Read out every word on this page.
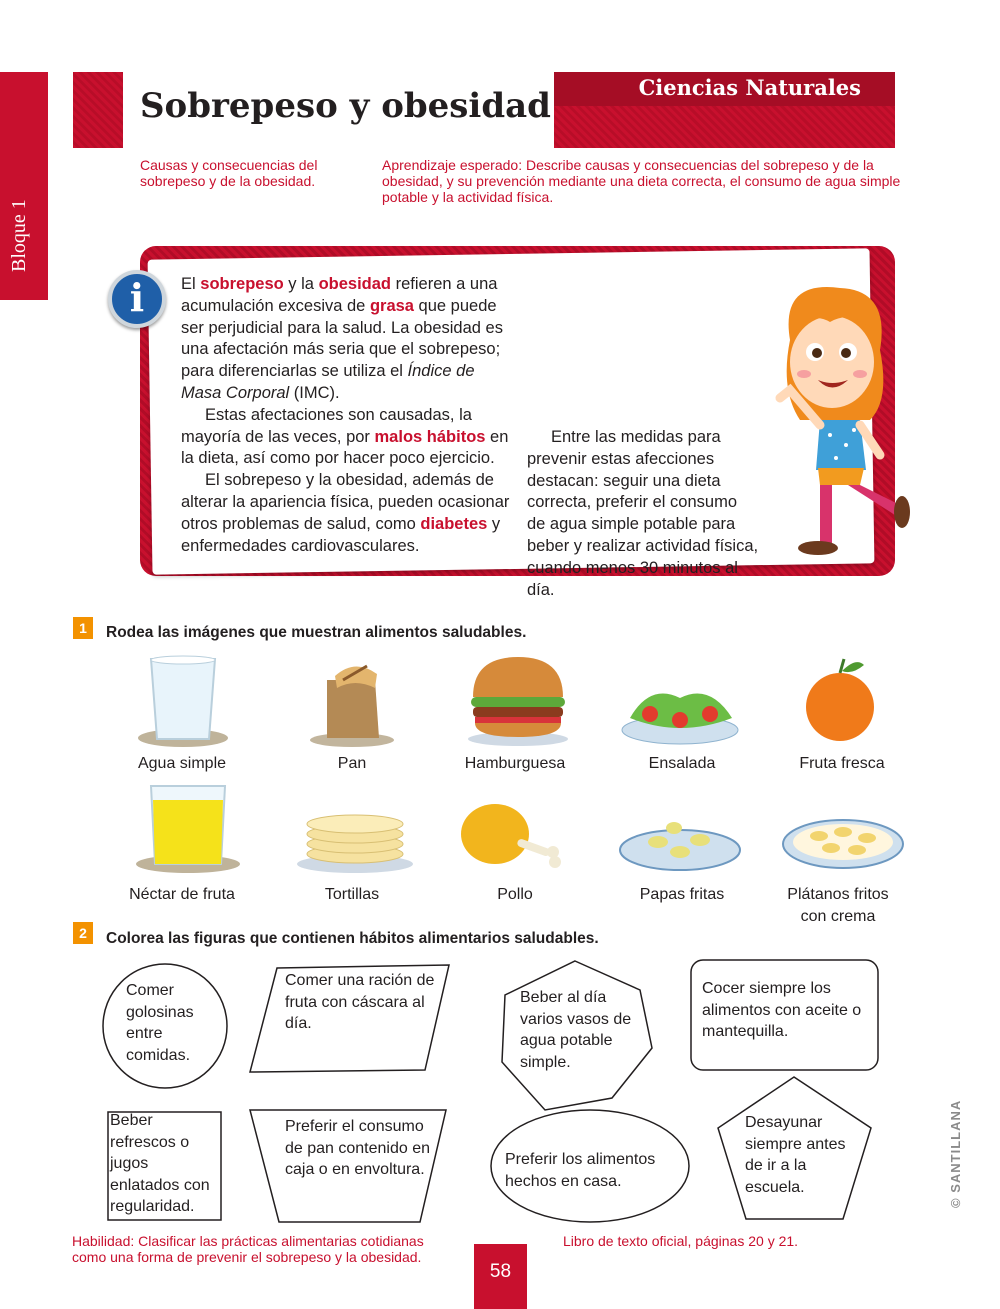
Bloque 1
Sobrepeso y obesidad	Ciencias Naturales
Causas y consecuencias del sobrepeso y de la obesidad.
Aprendizaje esperado: Describe causas y consecuencias del sobrepeso y de la obesidad, y su prevención mediante una dieta correcta, el consumo de agua simple potable y la actividad física.
i	El sobrepeso y la obesidad refieren a una acumulación excesiva de grasa que puede ser perjudicial para la salud. La obesidad es una afectación más seria que el sobrepeso; para diferenciarlas se utiliza el Índice de Masa Corporal (IMC).

Estas afectaciones son causadas, la mayoría de las veces, por malos hábitos en la dieta, así como por hacer poco ejercicio.

El sobrepeso y la obesidad, además de alterar la apariencia física, pueden ocasionar otros problemas de salud, como diabetes y enfermedades cardiovasculares.

Entre las medidas para prevenir estas afecciones destacan: seguir una dieta correcta, preferir el consumo de agua simple potable para beber y realizar actividad física, cuando menos 30 minutos al día.

1	Rodea las imágenes que muestran alimentos saludables.
Agua simple	Pan	Hamburguesa	Ensalada	Fruta fresca
Néctar de fruta	Tortillas	Pollo	Papas fritas	Plátanos fritos con crema
2	Colorea las figuras que contienen hábitos alimentarios saludables.
Comer golosinas entre comidas.
Comer una ración de fruta con cáscara al día.
Beber al día varios vasos de agua potable simple.
Cocer siempre los alimentos con aceite o mantequilla.
Beber refrescos o jugos enlatados con regularidad.
Preferir el consumo de pan contenido en caja o en envoltura.
Preferir los alimentos hechos en casa.
Desayunar siempre antes de ir a la escuela.	© SANTILLANA
Habilidad: Clasificar las prácticas alimentarias cotidianas como una forma de prevenir el sobrepeso y la obesidad.
Libro de texto oficial, páginas 20 y 21.
58
